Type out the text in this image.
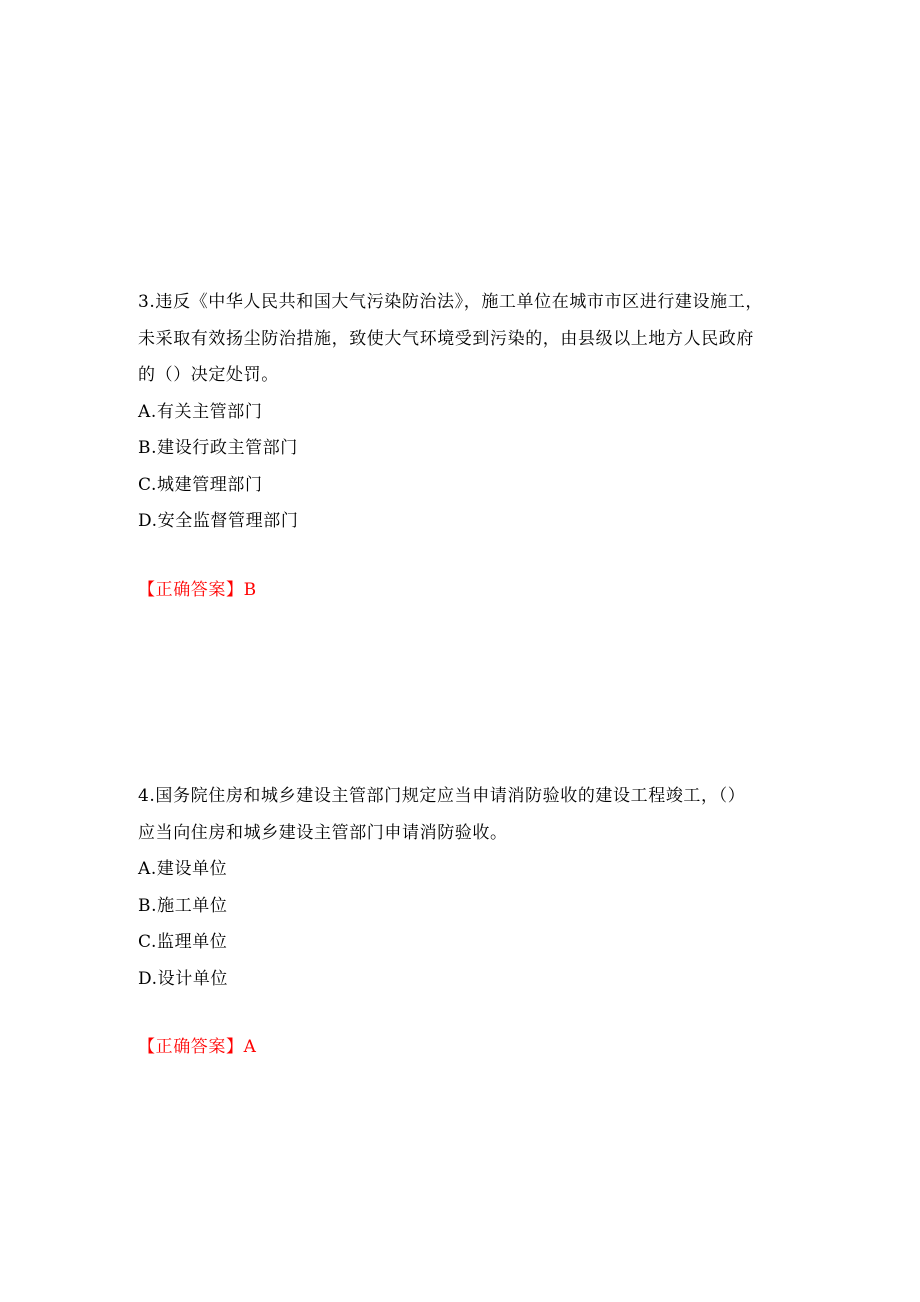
3.违反《中华人民共和国大气污染防治法》，施工单位在城市市区进行建设施工，

未采取有效扬尘防治措施，致使大气环境受到污染的，由县级以上地方人民政府

的（）决定处罚。

A.有关主管部门

B.建设行政主管部门

C.城建管理部门

D.安全监督管理部门

【正确答案】B

4.国务院住房和城乡建设主管部门规定应当申请消防验收的建设工程竣工，（）

应当向住房和城乡建设主管部门申请消防验收。

A.建设单位

B.施工单位

C.监理单位

D.设计单位

【正确答案】A
